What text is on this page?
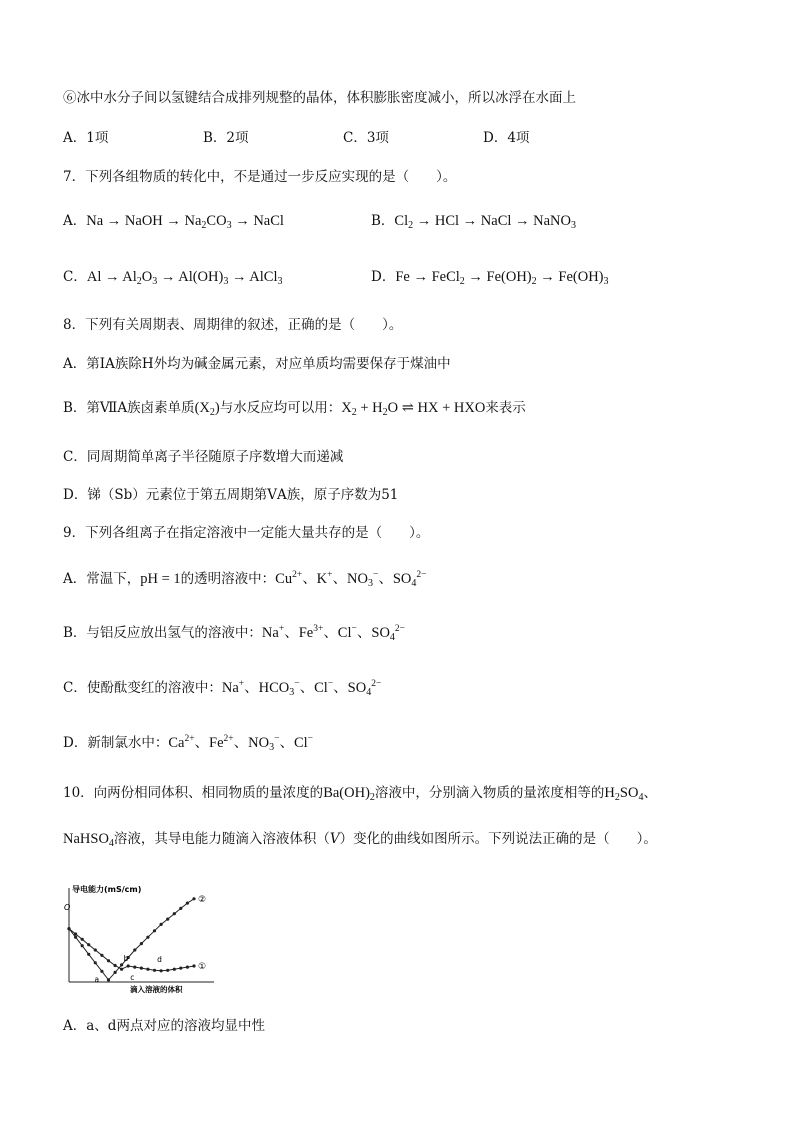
⑥冰中水分子间以氢键结合成排列规整的晶体，体积膨胀密度减小，所以冰浮在水面上
A．1项	B．2项	C．3项	D．4项
7．下列各组物质的转化中，不是通过一步反应实现的是（　　）。
A．Na → NaOH → $Na_2CO_3$ → NaCl	B．$Cl_2$ → HCl → NaCl → NaNO$_3$
C．$Al \to Al_2O_3 \to Al(OH)_3$ → AlCl$_3$	D．Fe → FeCl$_2$ → $Fe(OH)_2 \to Fe(OH)_3$
8．下列有关周期表、周期律的叙述，正确的是（　　）。
A．第ⅠA族除H外均为碱金属元素，对应单质均需要保存于煤油中
B．第ⅦA族卤素单质$(X_2)$与水反应均可以用：$X_2 + H_2O$ ⇌ HX + HXO来表示
C．同周期简单离子半径随原子序数增大而递减
D．锑（Sb）元素位于第五周期第ⅤA族，原子序数为51
9．下列各组离子在指定溶液中一定能大量共存的是（　　）。
A．常温下，pH = 1的透明溶液中：$Cu^{2+}$、K+、$NO_3^-$、$SO_4^{2-}$
B．与铝反应放出氢气的溶液中：Na+、$Fe^{3+}$、Cl−、$SO_4^{2-}$
C．使酚酞变红的溶液中：Na+、$HCO_3^-$、Cl−、$SO_4^{2-}$
D．新制氯水中：$Ca^{2+}$、$Fe^{2+}$、$NO_3^-$、Cl−
10．向两份相同体积、相同物质的量浓度的$Ba(OH)_2$溶液中，分别滴入物质的量浓度相等的$H_2SO_4$、
NaHSO$_4$溶液，其导电能力随滴入溶液体积（V）变化的曲线如图所示。下列说法正确的是（　　）。
导电能力(mS/cm)
O
滴入溶液的体积
a
b
c
d
①
②
A．a、d两点对应的溶液均显中性
